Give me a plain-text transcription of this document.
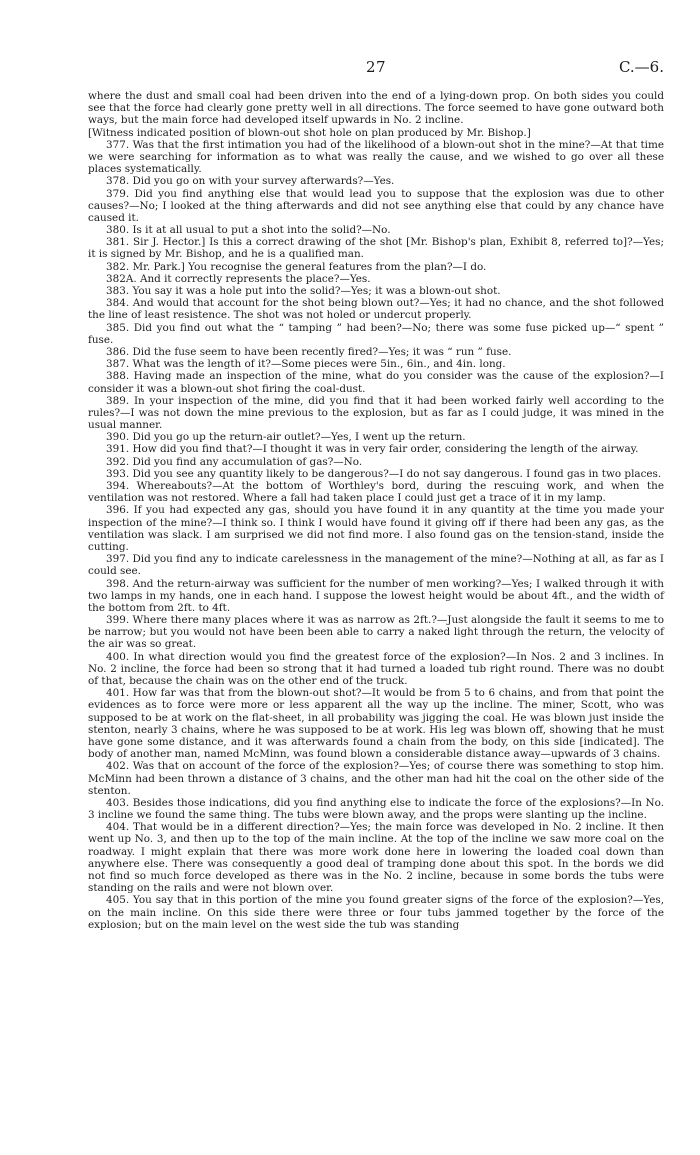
27	C.—6.

where the dust and small coal had been driven into the end of a lying-down prop. On both sides you could see that the force had clearly gone pretty well in all directions. The force seemed to have gone outward both ways, but the main force had developed itself upwards in No. 2 incline.

[Witness indicated position of blown-out shot hole on plan produced by Mr. Bishop.]

377. Was that the first intimation you had of the likelihood of a blown-out shot in the mine?—At that time we were searching for information as to what was really the cause, and we wished to go over all these places systematically.

378. Did you go on with your survey afterwards?—Yes.

379. Did you find anything else that would lead you to suppose that the explosion was due to other causes?—No; I looked at the thing afterwards and did not see anything else that could by any chance have caused it.

380. Is it at all usual to put a shot into the solid?—No.

381. Sir J. Hector.] Is this a correct drawing of the shot [Mr. Bishop's plan, Exhibit 8, referred to]?—Yes; it is signed by Mr. Bishop, and he is a qualified man.

382. Mr. Park.] You recognise the general features from the plan?—I do.

382A. And it correctly represents the place?—Yes.

383. You say it was a hole put into the solid?—Yes; it was a blown-out shot.

384. And would that account for the shot being blown out?—Yes; it had no chance, and the shot followed the line of least resistence. The shot was not holed or undercut properly.

385. Did you find out what the “ tamping ” had been?—No; there was some fuse picked up—“ spent ” fuse.

386. Did the fuse seem to have been recently fired?—Yes; it was “ run ” fuse.

387. What was the length of it?—Some pieces were 5in., 6in., and 4in. long.

388. Having made an inspection of the mine, what do you consider was the cause of the explosion?—I consider it was a blown-out shot firing the coal-dust.

389. In your inspection of the mine, did you find that it had been worked fairly well according to the rules?—I was not down the mine previous to the explosion, but as far as I could judge, it was mined in the usual manner.

390. Did you go up the return-air outlet?—Yes, I went up the return.

391. How did you find that?—I thought it was in very fair order, considering the length of the airway.

392. Did you find any accumulation of gas?—No.

393. Did you see any quantity likely to be dangerous?—I do not say dangerous. I found gas in two places.

394. Whereabouts?—At the bottom of Worthley's bord, during the rescuing work, and when the ventilation was not restored. Where a fall had taken place I could just get a trace of it in my lamp.

396. If you had expected any gas, should you have found it in any quantity at the time you made your inspection of the mine?—I think so. I think I would have found it giving off if there had been any gas, as the ventilation was slack. I am surprised we did not find more. I also found gas on the tension-stand, inside the cutting.

397. Did you find any to indicate carelessness in the management of the mine?—Nothing at all, as far as I could see.

398. And the return-airway was sufficient for the number of men working?—Yes; I walked through it with two lamps in my hands, one in each hand. I suppose the lowest height would be about 4ft., and the width of the bottom from 2ft. to 4ft.

399. Where there many places where it was as narrow as 2ft.?—Just alongside the fault it seems to me to be narrow; but you would not have been been able to carry a naked light through the return, the velocity of the air was so great.

400. In what direction would you find the greatest force of the explosion?—In Nos. 2 and 3 inclines. In No. 2 incline, the force had been so strong that it had turned a loaded tub right round. There was no doubt of that, because the chain was on the other end of the truck.

401. How far was that from the blown-out shot?—It would be from 5 to 6 chains, and from that point the evidences as to force were more or less apparent all the way up the incline. The miner, Scott, who was supposed to be at work on the flat-sheet, in all probability was jigging the coal. He was blown just inside the stenton, nearly 3 chains, where he was supposed to be at work. His leg was blown off, showing that he must have gone some distance, and it was afterwards found a chain from the body, on this side [indicated]. The body of another man, named McMinn, was found blown a considerable distance away—upwards of 3 chains.

402. Was that on account of the force of the explosion?—Yes; of course there was something to stop him. McMinn had been thrown a distance of 3 chains, and the other man had hit the coal on the other side of the stenton.

403. Besides those indications, did you find anything else to indicate the force of the explosions?—In No. 3 incline we found the same thing. The tubs were blown away, and the props were slanting up the incline.

404. That would be in a different direction?—Yes; the main force was developed in No. 2 incline. It then went up No. 3, and then up to the top of the main incline. At the top of the incline we saw more coal on the roadway. I might explain that there was more work done here in lowering the loaded coal down than anywhere else. There was consequently a good deal of tramping done about this spot. In the bords we did not find so much force developed as there was in the No. 2 incline, because in some bords the tubs were standing on the rails and were not blown over.

405. You say that in this portion of the mine you found greater signs of the force of the explosion?—Yes, on the main incline. On this side there were three or four tubs jammed together by the force of the explosion; but on the main level on the west side the tub was standing
